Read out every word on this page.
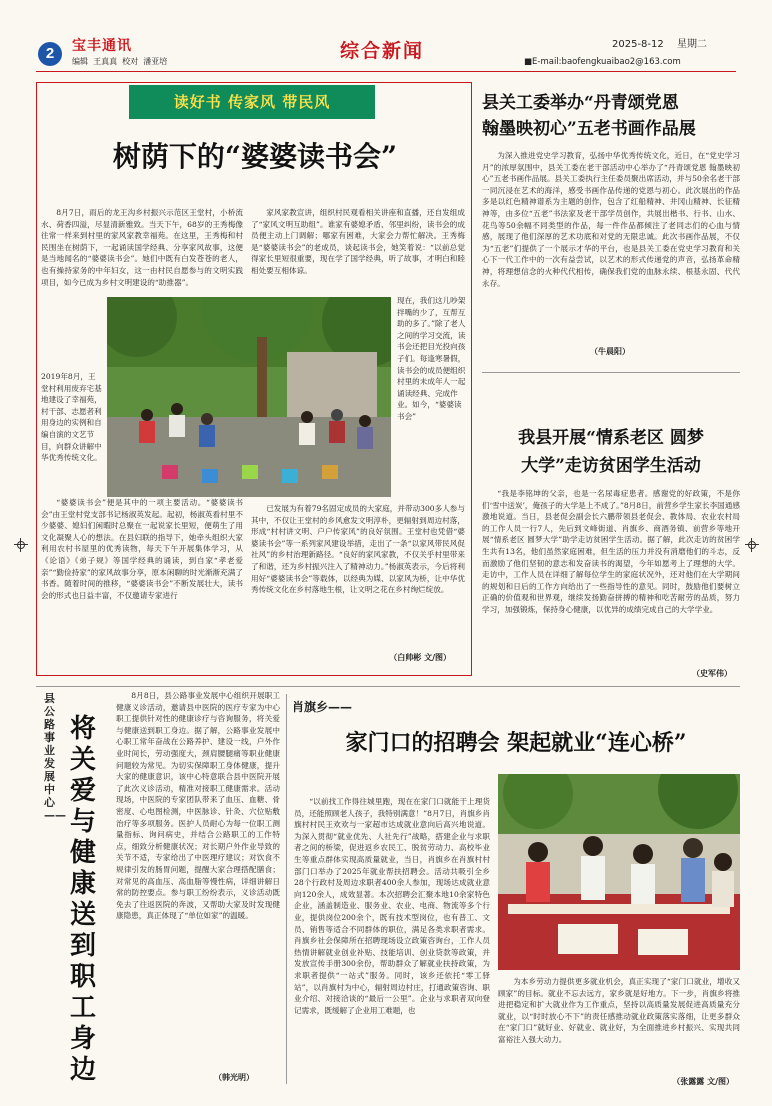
2	宝丰通讯
编辑  王真真  校对  潘亚培	综合新闻	2025-8-12 星期二
■E-mail:baofengkuaibao2@163.com
读好书 传家风 带民风
树荫下的“婆婆读书会”

8月7日，雨后的龙王沟乡村振兴示范区王堂村，小桥流水、荷香四溢，尽显清新雅致。当天下午，68岁的王秀梅像往常一样来到村里的家风家教幸福苑。在这里，王秀梅和村民围坐在树荫下，一起诵读国学经典、分享家风故事，这便是当地闻名的“婆婆读书会”。她们中既有白发苍苍的老人，也有操持家务的中年妇女，这一由村民自愿参与的文明实践项目，如今已成为乡村文明建设的“助推器”。

2019年8月，王堂村利用废弃宅基地建设了幸福苑，村干部、志愿者利用身边的实例和自编自演的文艺节目，向群众讲解中华优秀传统文化。

“婆婆读书会”便是其中的一项主要活动。“婆婆读书会”由王堂村党支部书记杨淑英发起。起初，杨淑英看村里不少婆婆、媳妇们闲暇时总聚在一起说家长里短，便萌生了用文化凝聚人心的想法。在县妇联的指导下，她牵头组织大家利用农村书屋里的优秀读物，每天下午开展集体学习，从《论语》《弟子规》等国学经典的诵读，到自家“孝老爱亲”“勤俭持家”的家风故事分享，原本闲聊的时光渐渐充满了书香。随着时间的推移，“婆婆读书会”不断发展壮大，读书会的形式也日益丰富，不仅邀请专家进行

家风家教宣讲，组织村民观看相关讲座和直播，还自发组成了“家风文明互助组”。谁家有婆媳矛盾、邻里纠纷，读书会的成员便主动上门调解；哪家有困难，大家会力帮忙解决。王秀梅是“婆婆读书会”的老成员，谈起读书会，她笑着说：“以前总觉得家长里短很重要，现在学了国学经典，听了故事，才明白和睦相处要互相体谅。

现在，我们这儿吵架拌嘴的少了，互帮互助的多了。”除了老人之间的学习交流，读书会还把目光投向孩子们。每逢寒暑假，读书会的成员便组织村里的未成年人一起诵读经典、完成作业。如今，“婆婆读书会”

已发展为有着79名固定成员的大家庭，并带动300多人参与其中，不仅让王堂村的乡风愈发文明淳朴，更辐射到周边村落，形成“村村讲文明、户户传家风”的良好氛围。王堂村也凭借“婆婆读书会”等一系列家风建设举措，走出了一条“以家风带民风促社风”的乡村治理新路径。“良好的家风家教，不仅关乎村里带来了和谐，还为乡村振兴注入了精神动力。”杨淑英表示，今后将利用好“婆婆读书会”等载体，以经典为媒、以家风为桥，让中华优秀传统文化在乡村落地生根，让文明之花在乡村绚烂绽放。

（白帅彬 文/图）
县关工委举办“丹青颂党恩
翰墨映初心”五老书画作品展

为深入推进党史学习教育，弘扬中华优秀传统文化，近日，在“党史学习月”的浓厚氛围中，县关工委在老干部活动中心举办了“丹青颂党恩 翰墨映初心”五老书画作品展。县关工委执行主任委员聚出席活动，并与50余名老干部一同沉浸在艺术的海洋，感受书画作品传递的党恩与初心。此次展出的作品多是以红色精神谱系为主题的创作，包含了红船精神、井冈山精神、长征精神等，由多位“五老”书法家及老干部学员创作，共展出楷书、行书、山水、花鸟等50余幅不同类型的作品，每一件作品都倾注了老同志们的心血与情感，展现了他们深厚的艺术功底和对党的无限忠诚。此次书画作品展，不仅为“五老”们提供了一个展示才华的平台，也是县关工委在党史学习教育和关心下一代工作中的一次有益尝试，以艺术的形式传递党的声音，弘扬革命精神，将理想信念的火种代代相传，确保我们党的血脉永续、根基永固、代代永存。

（牛晨阳）
我县开展“情系老区 圆梦
大学”走访贫困学生活动

“我是李铭坤的父亲，也是一名尿毒症患者。感谢党的好政策，不是你们‘雪中送炭’，俺孩子的大学是上不成了。”8月8日，前营乡学生家长李国通感激地说道。当日，县老促会副会长六鹏带领县老促会、教体局、农业农村局的工作人员一行7人，先后到文峰街道、肖旗乡、商酒务镇、前营乡等地开展“情系老区 圆梦大学”助学走访贫困学生活动。据了解，此次走访的贫困学生共有13名，他们虽然家庭困难，但生活的压力并没有消磨他们的斗志，反而激励了他们坚韧的意志和发奋读书的渴望，今年如愿考上了理想的大学。走访中，工作人员在详细了解每位学生的家庭状况外，还对他们在大学期间的规划和日后的工作方向给出了一些指导性的意见。同时，鼓励他们要树立正确的价值观和世界观，继续发扬勤奋拼搏的精神和吃苦耐劳的品质，努力学习，加强锻炼，保持身心健康，以优异的成绩完成自己的大学学业。

（史军伟）
县公路事业发展中心——
将关爱与健康送到职工身边

8月8日，县公路事业发展中心组织开展职工健康义诊活动，邀请县中医院的医疗专家为中心职工提供针对性的健康诊疗与咨询服务，将关爱与健康送到职工身边。据了解，公路事业发展中心职工常年奋战在公路养护、建设一线，户外作业时间长，劳动强度大，颈肩腰腿痛等职业健康问题较为常见。为切实保障职工身体健康，提升大家的健康意识，该中心特意联合县中医院开展了此次义诊活动，精准对接职工健康需求。活动现场，中医院的专家团队带来了血压、血糖、骨密度、心电图检测，中医脉诊、针灸、穴位贴敷治疗等多项服务。医护人员耐心为每一位职工测量指标、询问病史，并结合公路职工的工作特点，细致分析健康状况；对长期户外作业导致的关节不适，专家给出了中医理疗建议；对饮食不规律引发的肠胃问题，提醒大家合理搭配膳食；对常见的高血压、高血脂等慢性病，详细讲解日常的防控要点。参与职工纷纷表示，义诊活动既免去了往返医院的奔波，又帮助大家及时发现健康隐患，真正体现了“单位如家”的温暖。

（韩光明）
肖旗乡——
家门口的招聘会 架起就业“连心桥”

“以前找工作得往城里跑，现在在家门口就能干上理货员，还能照顾老人孩子，我特别满意！”8月7日，肖旗乡肖旗村村民王欢欢与一家超市达成就业意向后高兴地说道。为深入贯彻“就业优先、人社先行”战略，搭建企业与求职者之间的桥梁，促进返乡农民工、脱贫劳动力、高校毕业生等重点群体实现高质量就业，当日，肖旗乡在肖旗村村部门口举办了2025年就业帮扶招聘会。活动共吸引全乡28个行政村及周边求职者400余人参加，现场达成就业意向120余人，成效显著。本次招聘会汇聚本地10余家特色企业，涵盖制造业、服务业、农业、电商、物流等多个行业，提供岗位200余个，既有技术型岗位，也有普工、文员、销售等适合不同群体的职位，满足各类求职者需求。肖旗乡社会保障所在招聘现场设立政策咨询台，工作人员热情讲解就业创业补贴、技能培训、创业贷款等政策，并发放宣传手册300余份，帮助群众了解就业扶持政策，为求职者提供“一站式”服务。同时，该乡还依托“零工驿站”，以肖旗村为中心，辐射周边村庄，打通政策咨询、职业介绍、对接洽谈的“最后一公里”。企业与求职者双向登记需求，既缓解了企业用工难题，也

为本乡劳动力提供更多就业机会，真正实现了“家门口就业，增收又顾家”的目标。就业不忘去远方，家乡就是好地方。下一步，肖旗乡将推进把稳定和扩大就业作为工作重点，坚持以高质量发展促进高质量充分就业，以“时时放心不下”的责任感推动就业政策落实落细，让更多群众在“家门口”就好业、好就业、就业好，为全面推进乡村振兴、实现共同富裕注入强大动力。

（张露露 文/图）
